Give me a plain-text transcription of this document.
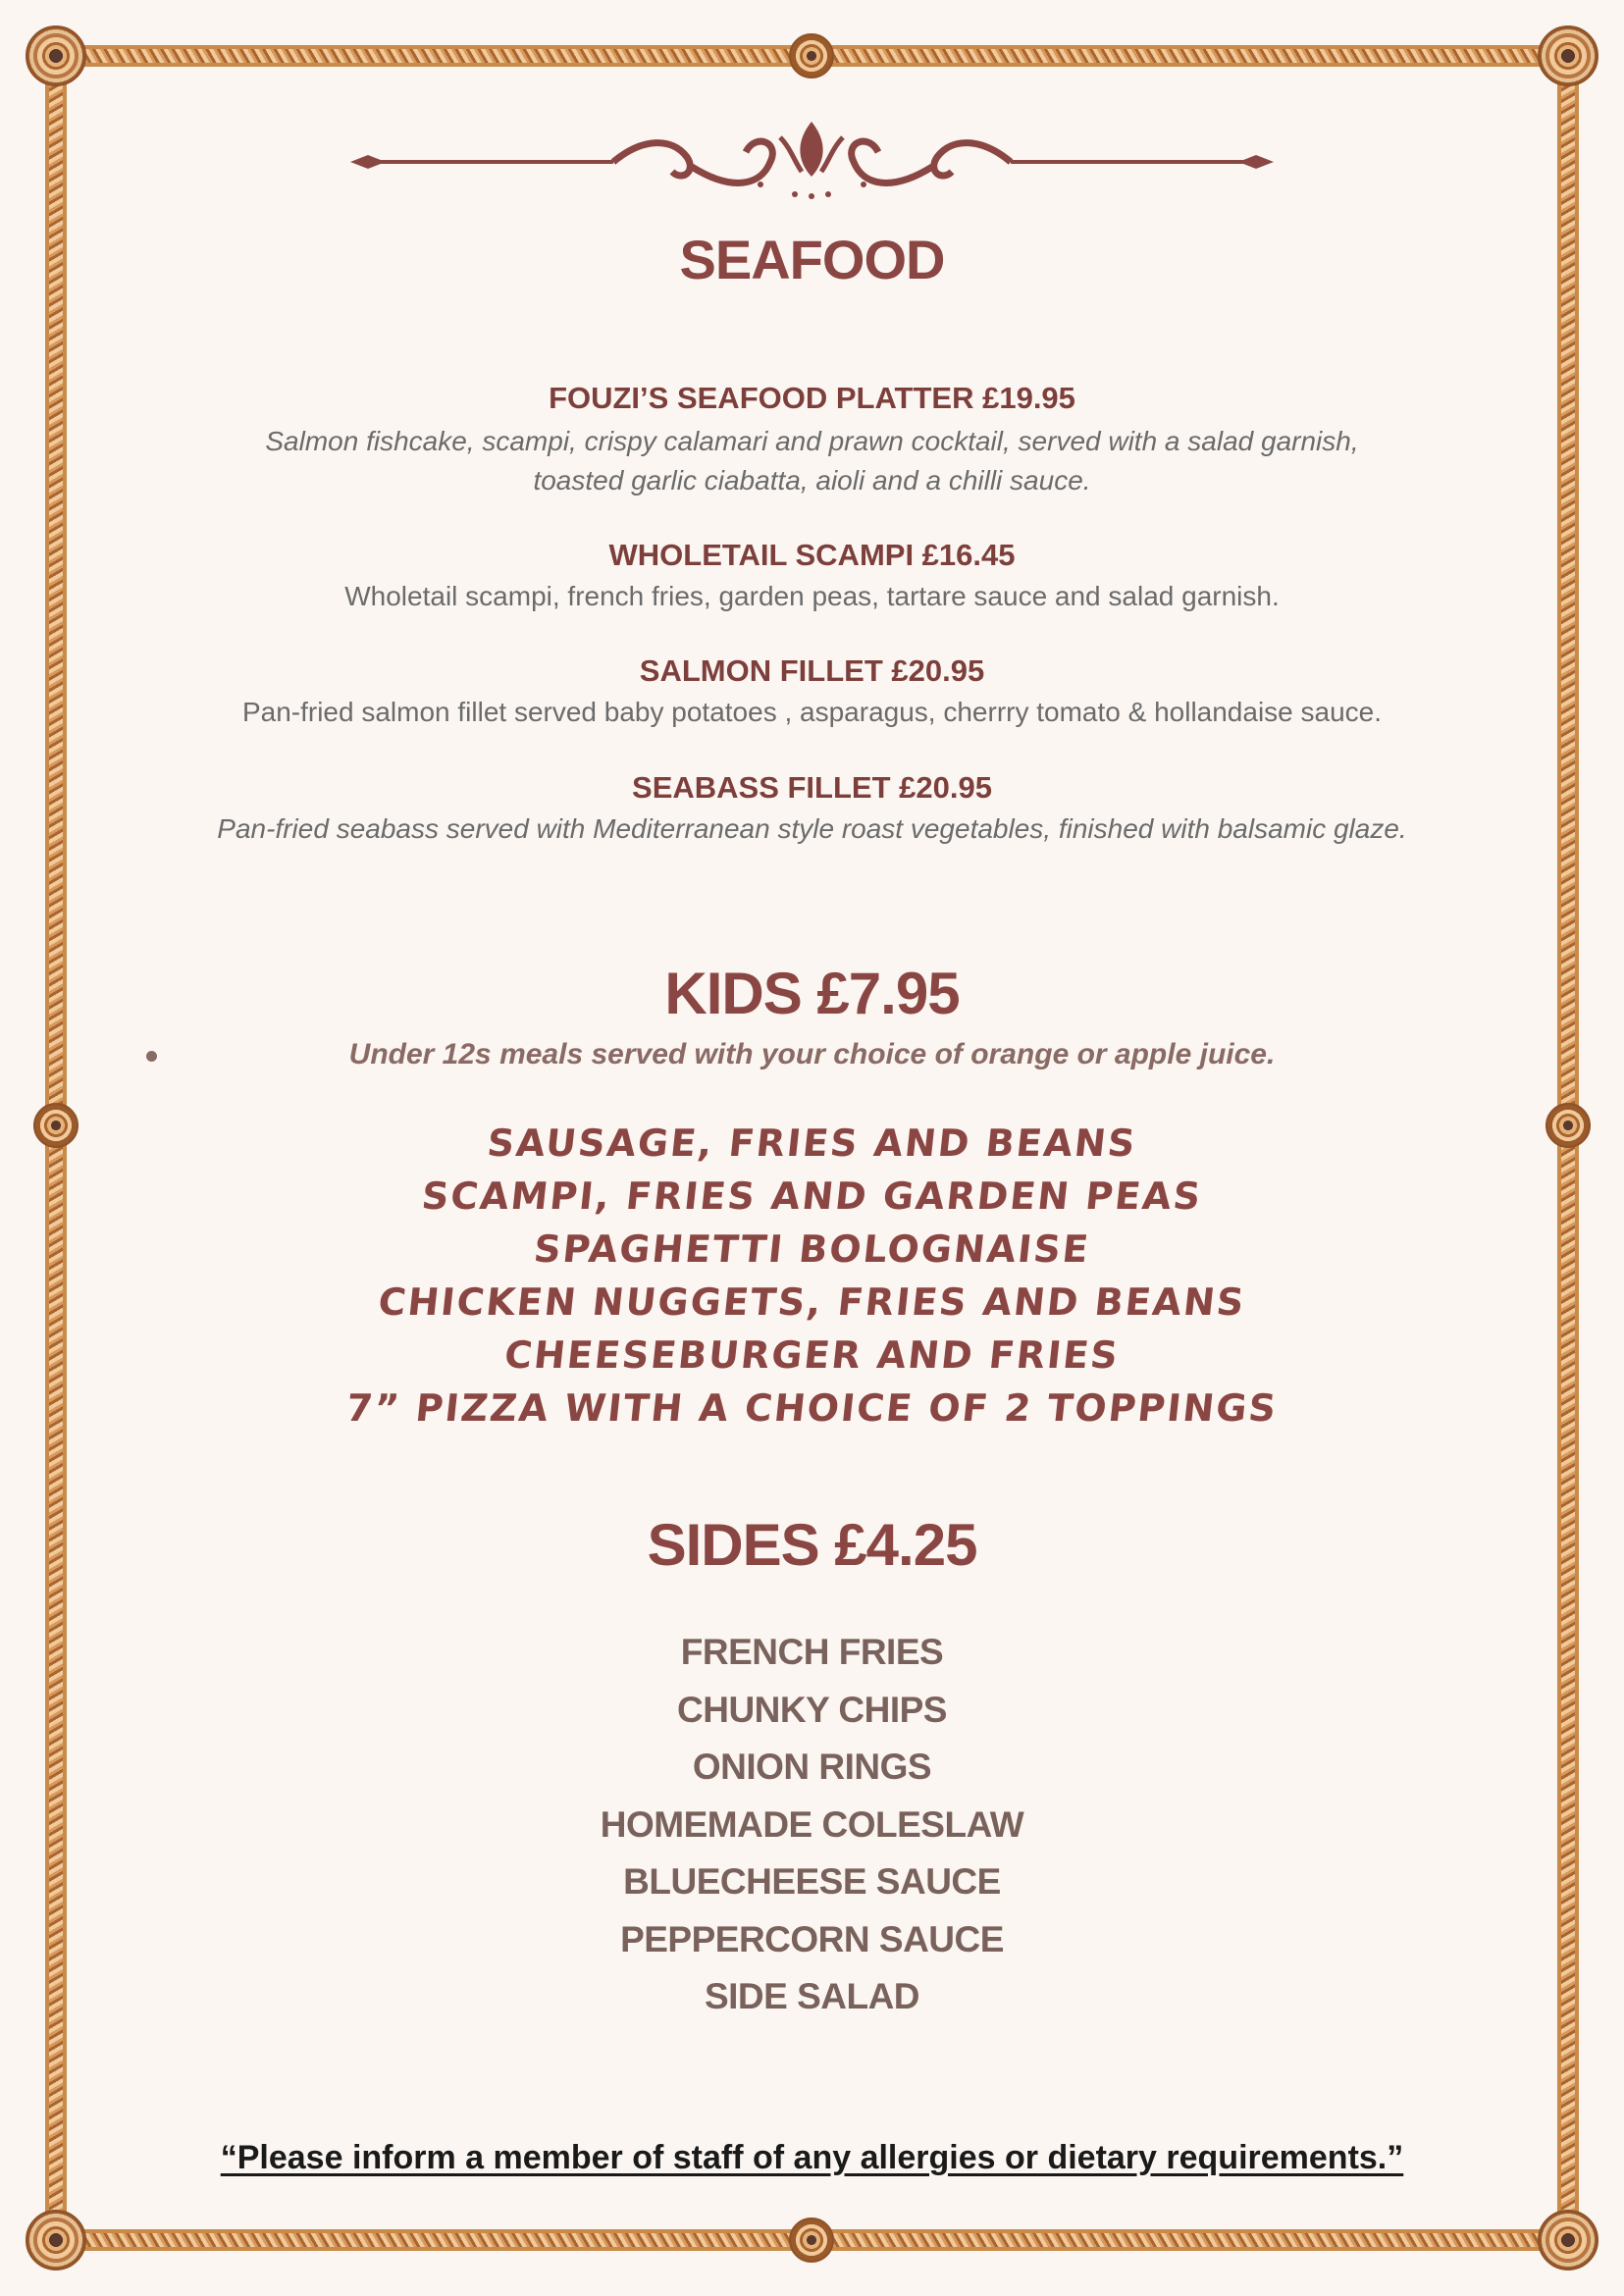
SEAFOOD
FOUZI’S SEAFOOD PLATTER £19.95
Salmon fishcake, scampi, crispy calamari and prawn cocktail, served with a salad garnish,
toasted garlic ciabatta, aioli and a chilli sauce.
WHOLETAIL SCAMPI £16.45
Wholetail scampi, french fries, garden peas, tartare sauce and salad garnish.
SALMON FILLET £20.95
Pan-fried salmon fillet served baby potatoes , asparagus, cherrry tomato & hollandaise sauce.
SEABASS FILLET £20.95
Pan-fried seabass served with Mediterranean style roast vegetables, finished with balsamic glaze.
KIDS £7.95
Under 12s meals served with your choice of orange or apple juice.
SAUSAGE, FRIES AND BEANS
SCAMPI, FRIES AND GARDEN PEAS
SPAGHETTI BOLOGNAISE
CHICKEN NUGGETS, FRIES AND BEANS
CHEESEBURGER AND FRIES
7” PIZZA WITH A CHOICE OF 2 TOPPINGS
SIDES £4.25
FRENCH FRIES
CHUNKY CHIPS
ONION RINGS
HOMEMADE COLESLAW
BLUECHEESE SAUCE
PEPPERCORN SAUCE
SIDE SALAD
“Please inform a member of staff of any allergies or dietary requirements.”
